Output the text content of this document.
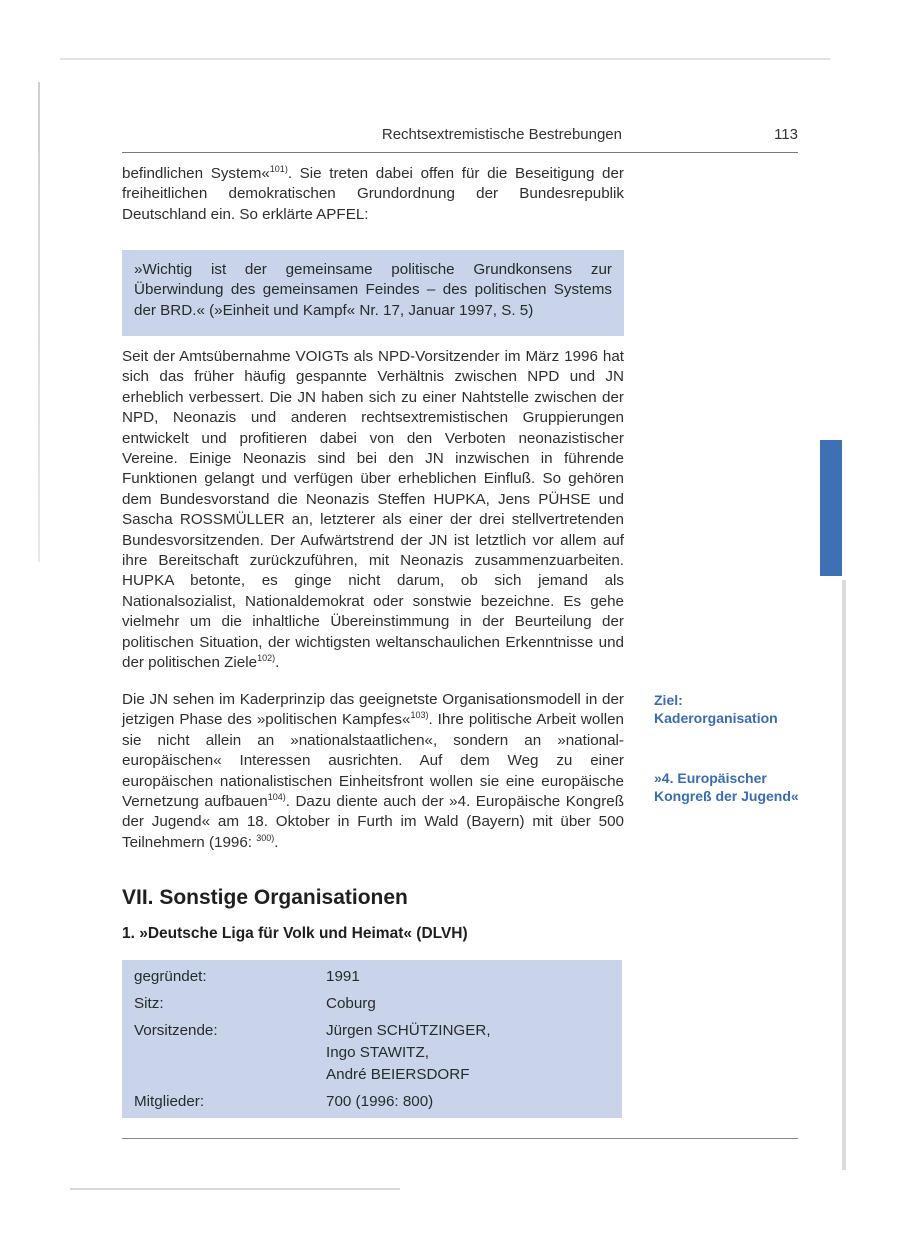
Rechtsextremistische Bestrebungen	113
befindlichen System«$^{101)}$. Sie treten dabei offen für die Beseitigung der freiheitlichen demokratischen Grundordnung der Bundesrepublik Deutschland ein. So erklärte APFEL:
»Wichtig ist der gemeinsame politische Grundkonsens zur Überwindung des gemeinsamen Feindes – des politischen Systems der BRD.« (»Einheit und Kampf« Nr. 17, Januar 1997, S. 5)
Seit der Amtsübernahme VOIGTs als NPD-Vorsitzender im März 1996 hat sich das früher häufig gespannte Verhältnis zwischen NPD und JN erheblich verbessert. Die JN haben sich zu einer Nahtstelle zwischen der NPD, Neonazis und anderen rechtsextremistischen Gruppierungen entwickelt und profitieren dabei von den Verboten neonazistischer Vereine. Einige Neonazis sind bei den JN inzwischen in führende Funktionen gelangt und verfügen über erheblichen Einfluß. So gehören dem Bundesvorstand die Neonazis Steffen HUPKA, Jens PÜHSE und Sascha ROSSMÜLLER an, letzterer als einer der drei stellvertretenden Bundesvorsitzenden. Der Aufwärtstrend der JN ist letztlich vor allem auf ihre Bereitschaft zurückzuführen, mit Neonazis zusammenzuarbeiten. HUPKA betonte, es ginge nicht darum, ob sich jemand als Nationalsozialist, Nationaldemokrat oder sonstwie bezeichne. Es gehe vielmehr um die inhaltliche Übereinstimmung in der Beurteilung der politischen Situation, der wichtigsten weltanschaulichen Erkenntnisse und der politischen Ziele$^{102)}$.
Die JN sehen im Kaderprinzip das geeignetste Organisationsmodell in der jetzigen Phase des »politischen Kampfes«$^{103)}$. Ihre politische Arbeit wollen sie nicht allein an »nationalstaatlichen«, sondern an »national-europäischen« Interessen ausrichten. Auf dem Weg zu einer europäischen nationalistischen Einheitsfront wollen sie eine europäische Vernetzung aufbauen$^{104)}$. Dazu diente auch der »4. Europäische Kongreß der Jugend« am 18. Oktober in Furth im Wald (Bayern) mit über 500 Teilnehmern (1996: $^{300)}$.
Ziel: Kaderorganisation
»4. Europäischer Kongreß der Jugend«
VII. Sonstige Organisationen
1. »Deutsche Liga für Volk und Heimat« (DLVH)
gegründet:	1991
Sitz:	Coburg
Vorsitzende:	Jürgen SCHÜTZINGER,
Ingo STAWITZ,
André BEIERSDORF
Mitglieder:	700 (1996: 800)
